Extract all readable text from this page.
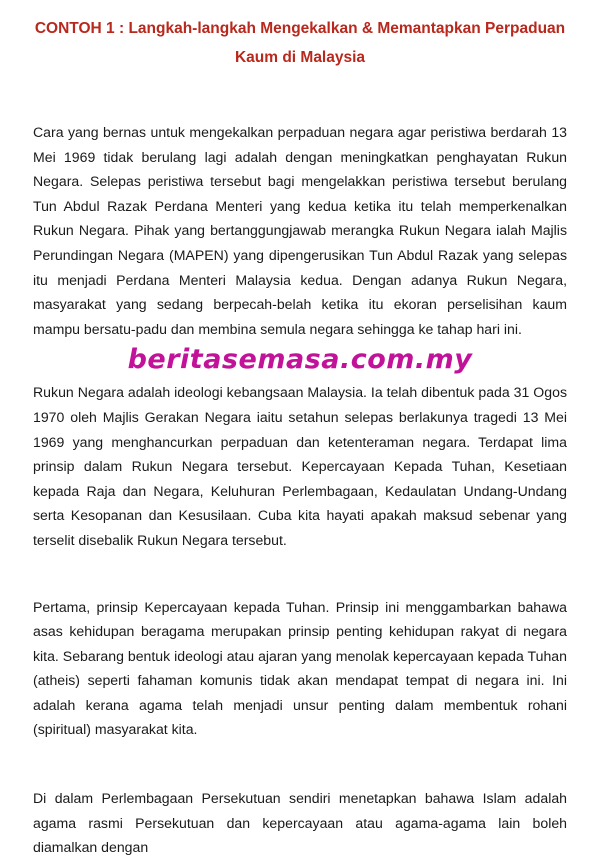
CONTOH 1 : Langkah-langkah Mengekalkan & Memantapkan Perpaduan
Kaum di Malaysia

Cara yang bernas untuk mengekalkan perpaduan negara agar peristiwa berdarah 13 Mei 1969 tidak berulang lagi adalah dengan meningkatkan penghayatan Rukun Negara. Selepas peristiwa tersebut bagi mengelakkan peristiwa tersebut berulang Tun Abdul Razak Perdana Menteri yang kedua ketika itu telah memperkenalkan Rukun Negara. Pihak yang bertanggungjawab merangka Rukun Negara ialah Majlis Perundingan Negara (MAPEN) yang dipengerusikan Tun Abdul Razak yang selepas itu menjadi Perdana Menteri Malaysia kedua. Dengan adanya Rukun Negara, masyarakat yang sedang berpecah-belah ketika itu ekoran perselisihan kaum mampu bersatu-padu dan membina semula negara sehingga ke tahap hari ini.

beritasemasa.com.my

Rukun Negara adalah ideologi kebangsaan Malaysia. Ia telah dibentuk pada 31 Ogos 1970 oleh Majlis Gerakan Negara iaitu setahun selepas berlakunya tragedi 13 Mei 1969 yang menghancurkan perpaduan dan ketenteraman negara. Terdapat lima prinsip dalam Rukun Negara tersebut. Kepercayaan Kepada Tuhan, Kesetiaan kepada Raja dan Negara, Keluhuran Perlembagaan, Kedaulatan Undang-Undang serta Kesopanan dan Kesusilaan. Cuba kita hayati apakah maksud sebenar yang terselit disebalik Rukun Negara tersebut.

Pertama, prinsip Kepercayaan kepada Tuhan. Prinsip ini menggambarkan bahawa asas kehidupan beragama merupakan prinsip penting kehidupan rakyat di negara kita. Sebarang bentuk ideologi atau ajaran yang menolak kepercayaan kepada Tuhan (atheis) seperti fahaman komunis tidak akan mendapat tempat di negara ini. Ini adalah kerana agama telah menjadi unsur penting dalam membentuk rohani (spiritual) masyarakat kita.

Di dalam Perlembagaan Persekutuan sendiri menetapkan bahawa Islam adalah agama rasmi Persekutuan dan kepercayaan atau agama-agama lain boleh diamalkan dengan
